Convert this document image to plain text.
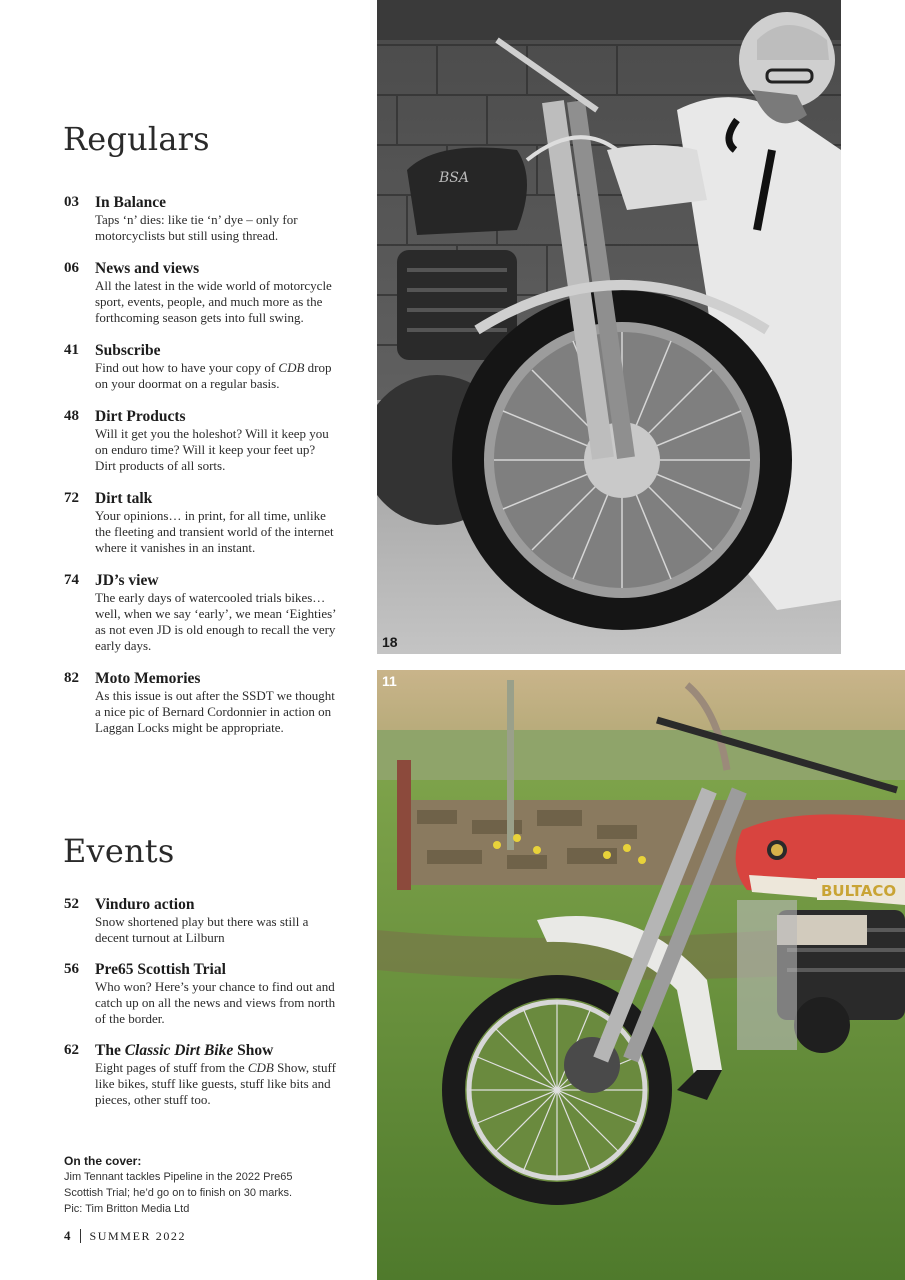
Regulars
03	In Balance
Taps ‘n’ dies: like tie ‘n’ dye – only for motorcyclists but still using thread.
06	News and views
All the latest in the wide world of motorcycle sport, events, people, and much more as the forthcoming season gets into full swing.
41	Subscribe
Find out how to have your copy of CDB drop on your doormat on a regular basis.
48	Dirt Products
Will it get you the holeshot? Will it keep you on enduro time? Will it keep your feet up? Dirt products of all sorts.
72	Dirt talk
Your opinions… in print, for all time, unlike the fleeting and transient world of the internet where it vanishes in an instant.
74	JD’s view
The early days of watercooled trials bikes… well, when we say ‘early’, we mean ‘Eighties’ as not even JD is old enough to recall the very early days.
82	Moto Memories
As this issue is out after the SSDT we thought a nice pic of Bernard Cordonnier in action on Laggan Locks might be appropriate.
Events
52	Vinduro action
Snow shortened play but there was still a decent turnout at Lilburn
56	Pre65 Scottish Trial
Who won? Here’s your chance to find out and catch up on all the news and views from north of the border.
62	The Classic Dirt Bike Show
Eight pages of stuff from the CDB Show, stuff like bikes, stuff like guests, stuff like bits and pieces, other stuff too.
On the cover:
Jim Tennant tackles Pipeline in the 2022 Pre65 Scottish Trial; he’d go on to finish on 30 marks.
Pic: Tim Britton Media Ltd
4 SUMMER 2022
BSA
18
BULTACO
11
